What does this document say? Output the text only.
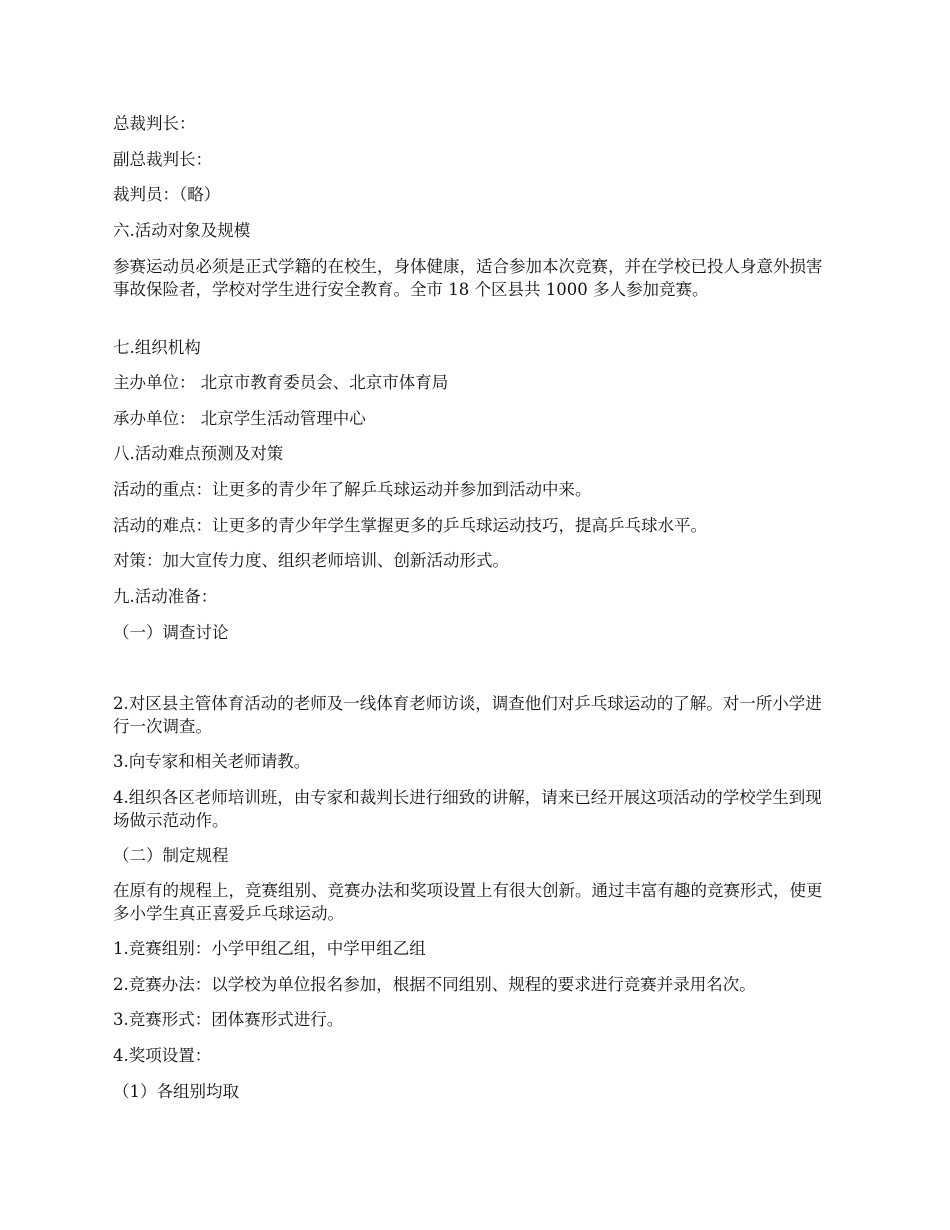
总裁判长：

副总裁判长：

裁判员：（略）

六.活动对象及规模

参赛运动员必须是正式学籍的在校生，身体健康，适合参加本次竞赛，并在学校已投人身意外损害事故保险者，学校对学生进行安全教育。全市 18 个区县共 1000 多人参加竞赛。

七.组织机构

主办单位： 北京市教育委员会、北京市体育局

承办单位： 北京学生活动管理中心

八.活动难点预测及对策

活动的重点：让更多的青少年了解乒乓球运动并参加到活动中来。

活动的难点：让更多的青少年学生掌握更多的乒乓球运动技巧，提高乒乓球水平。

对策：加大宣传力度、组织老师培训、创新活动形式。

九.活动准备：

（一）调查讨论

2.对区县主管体育活动的老师及一线体育老师访谈，调查他们对乒乓球运动的了解。对一所小学进行一次调查。

3.向专家和相关老师请教。

4.组织各区老师培训班，由专家和裁判长进行细致的讲解，请来已经开展这项活动的学校学生到现场做示范动作。

（二）制定规程

在原有的规程上，竞赛组别、竞赛办法和奖项设置上有很大创新。通过丰富有趣的竞赛形式，使更多小学生真正喜爱乒乓球运动。

1.竞赛组别：小学甲组乙组，中学甲组乙组

2.竞赛办法：以学校为单位报名参加，根据不同组别、规程的要求进行竞赛并录用名次。

3.竞赛形式：团体赛形式进行。

4.奖项设置：

（1）各组别均取
